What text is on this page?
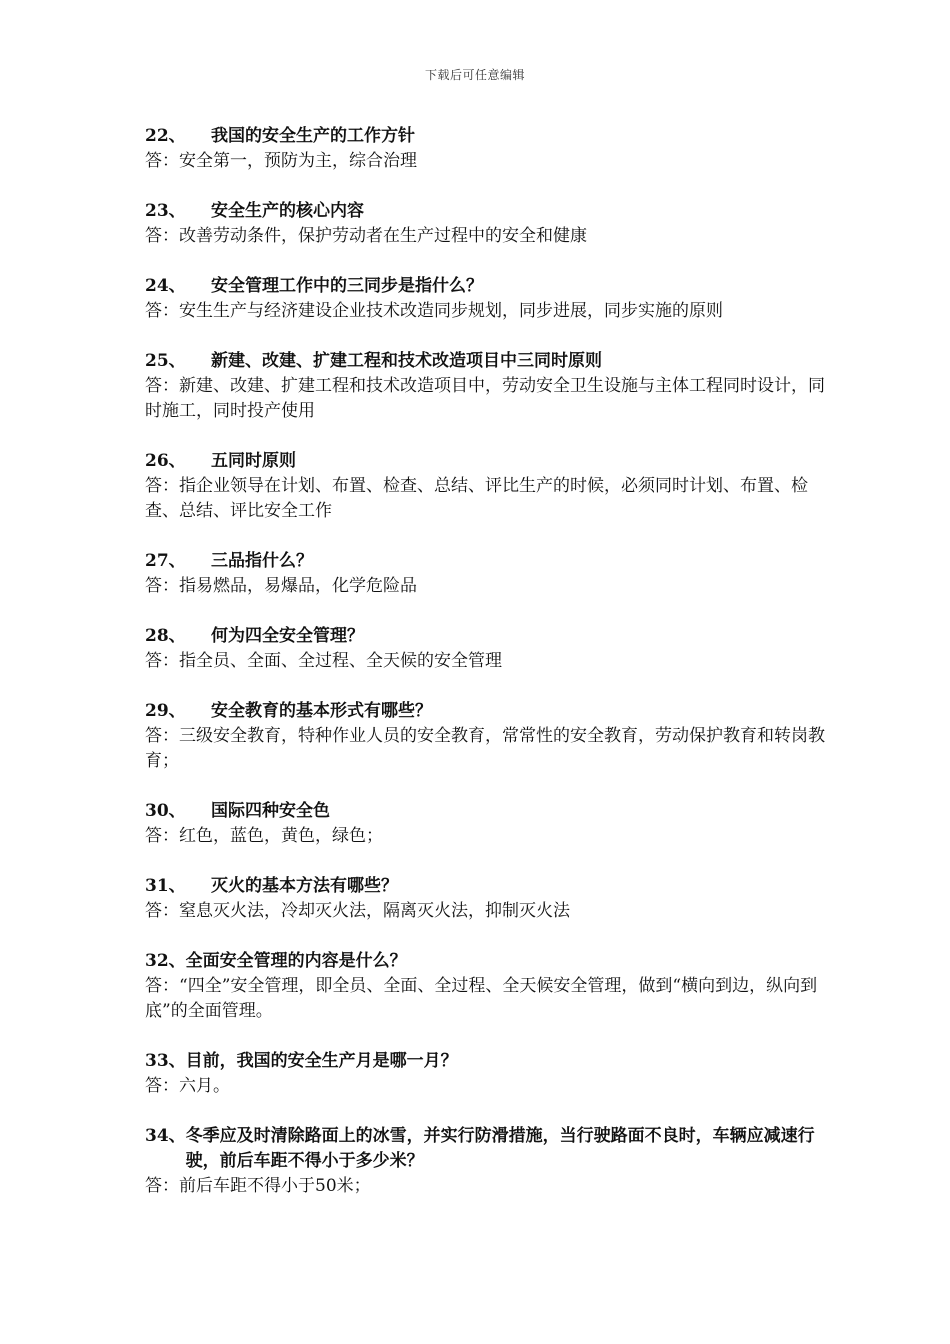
下载后可任意编辑
22、	我国的安全生产的工作方针
答：安全第一，预防为主，综合治理
23、	安全生产的核心内容
答：改善劳动条件，保护劳动者在生产过程中的安全和健康
24、	安全管理工作中的三同步是指什么？
答：安生生产与经济建设企业技术改造同步规划，同步进展，同步实施的原则
25、	新建、改建、扩建工程和技术改造项目中三同时原则
答：新建、改建、扩建工程和技术改造项目中，劳动安全卫生设施与主体工程同时设计，同时施工，同时投产使用
26、	五同时原则
答：指企业领导在计划、布置、检查、总结、评比生产的时候，必须同时计划、布置、检查、总结、评比安全工作
27、	三品指什么？
答：指易燃品，易爆品，化学危险品
28、	何为四全安全管理？
答：指全员、全面、全过程、全天候的安全管理
29、	安全教育的基本形式有哪些？
答：三级安全教育，特种作业人员的安全教育，常常性的安全教育，劳动保护教育和转岗教育；
30、	国际四种安全色
答：红色，蓝色，黄色，绿色；
31、	灭火的基本方法有哪些？
答：窒息灭火法，冷却灭火法，隔离灭火法，抑制灭火法
32、 全面安全管理的内容是什么？
答：“四全”安全管理，即全员、全面、全过程、全天候安全管理，做到“横向到边，纵向到底”的全面管理。
33、 目前，我国的安全生产月是哪一月？
答：六月。
34、 冬季应及时清除路面上的冰雪，并实行防滑措施，当行驶路面不良时，车辆应减速行驶，前后车距不得小于多少米？
答：前后车距不得小于50米；
